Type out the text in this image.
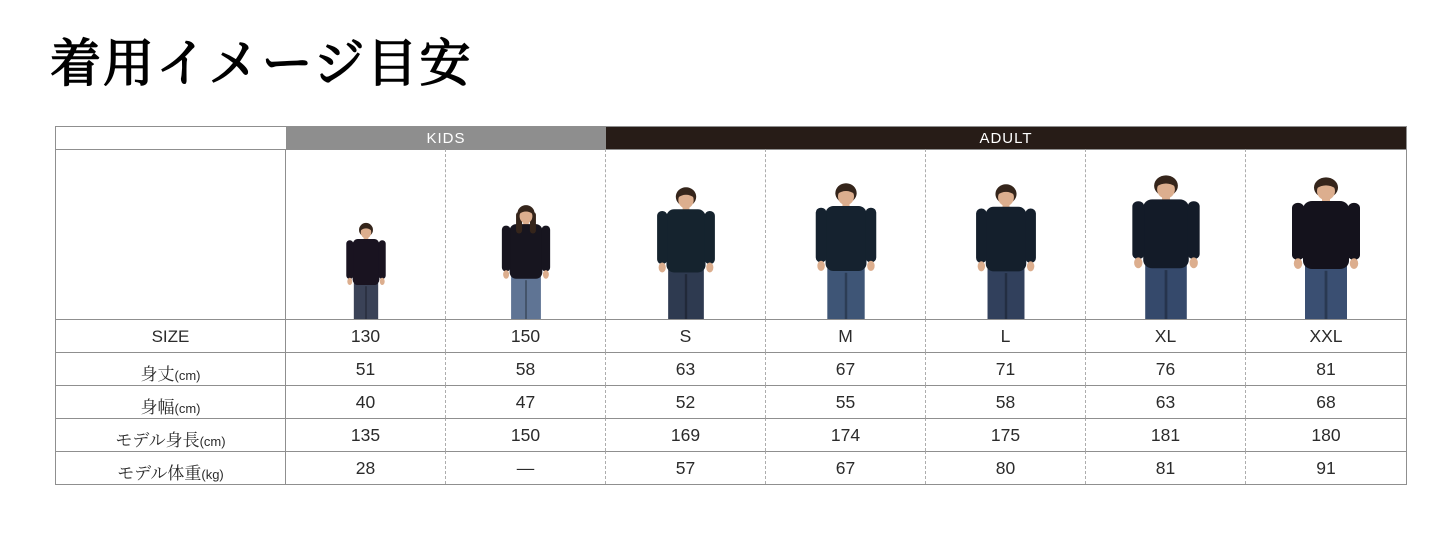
着用イメージ目安
KIDS	ADULT
SIZE	130	150	S	M	L	XL	XXL
身丈 (cm)	51	58	63	67	71	76	81
身幅 (cm)	40	47	52	55	58	63	68
モデル身長 (cm)	135	150	169	174	175	181	180
モデル体重 (kg)	28	—	57	67	80	81	91
